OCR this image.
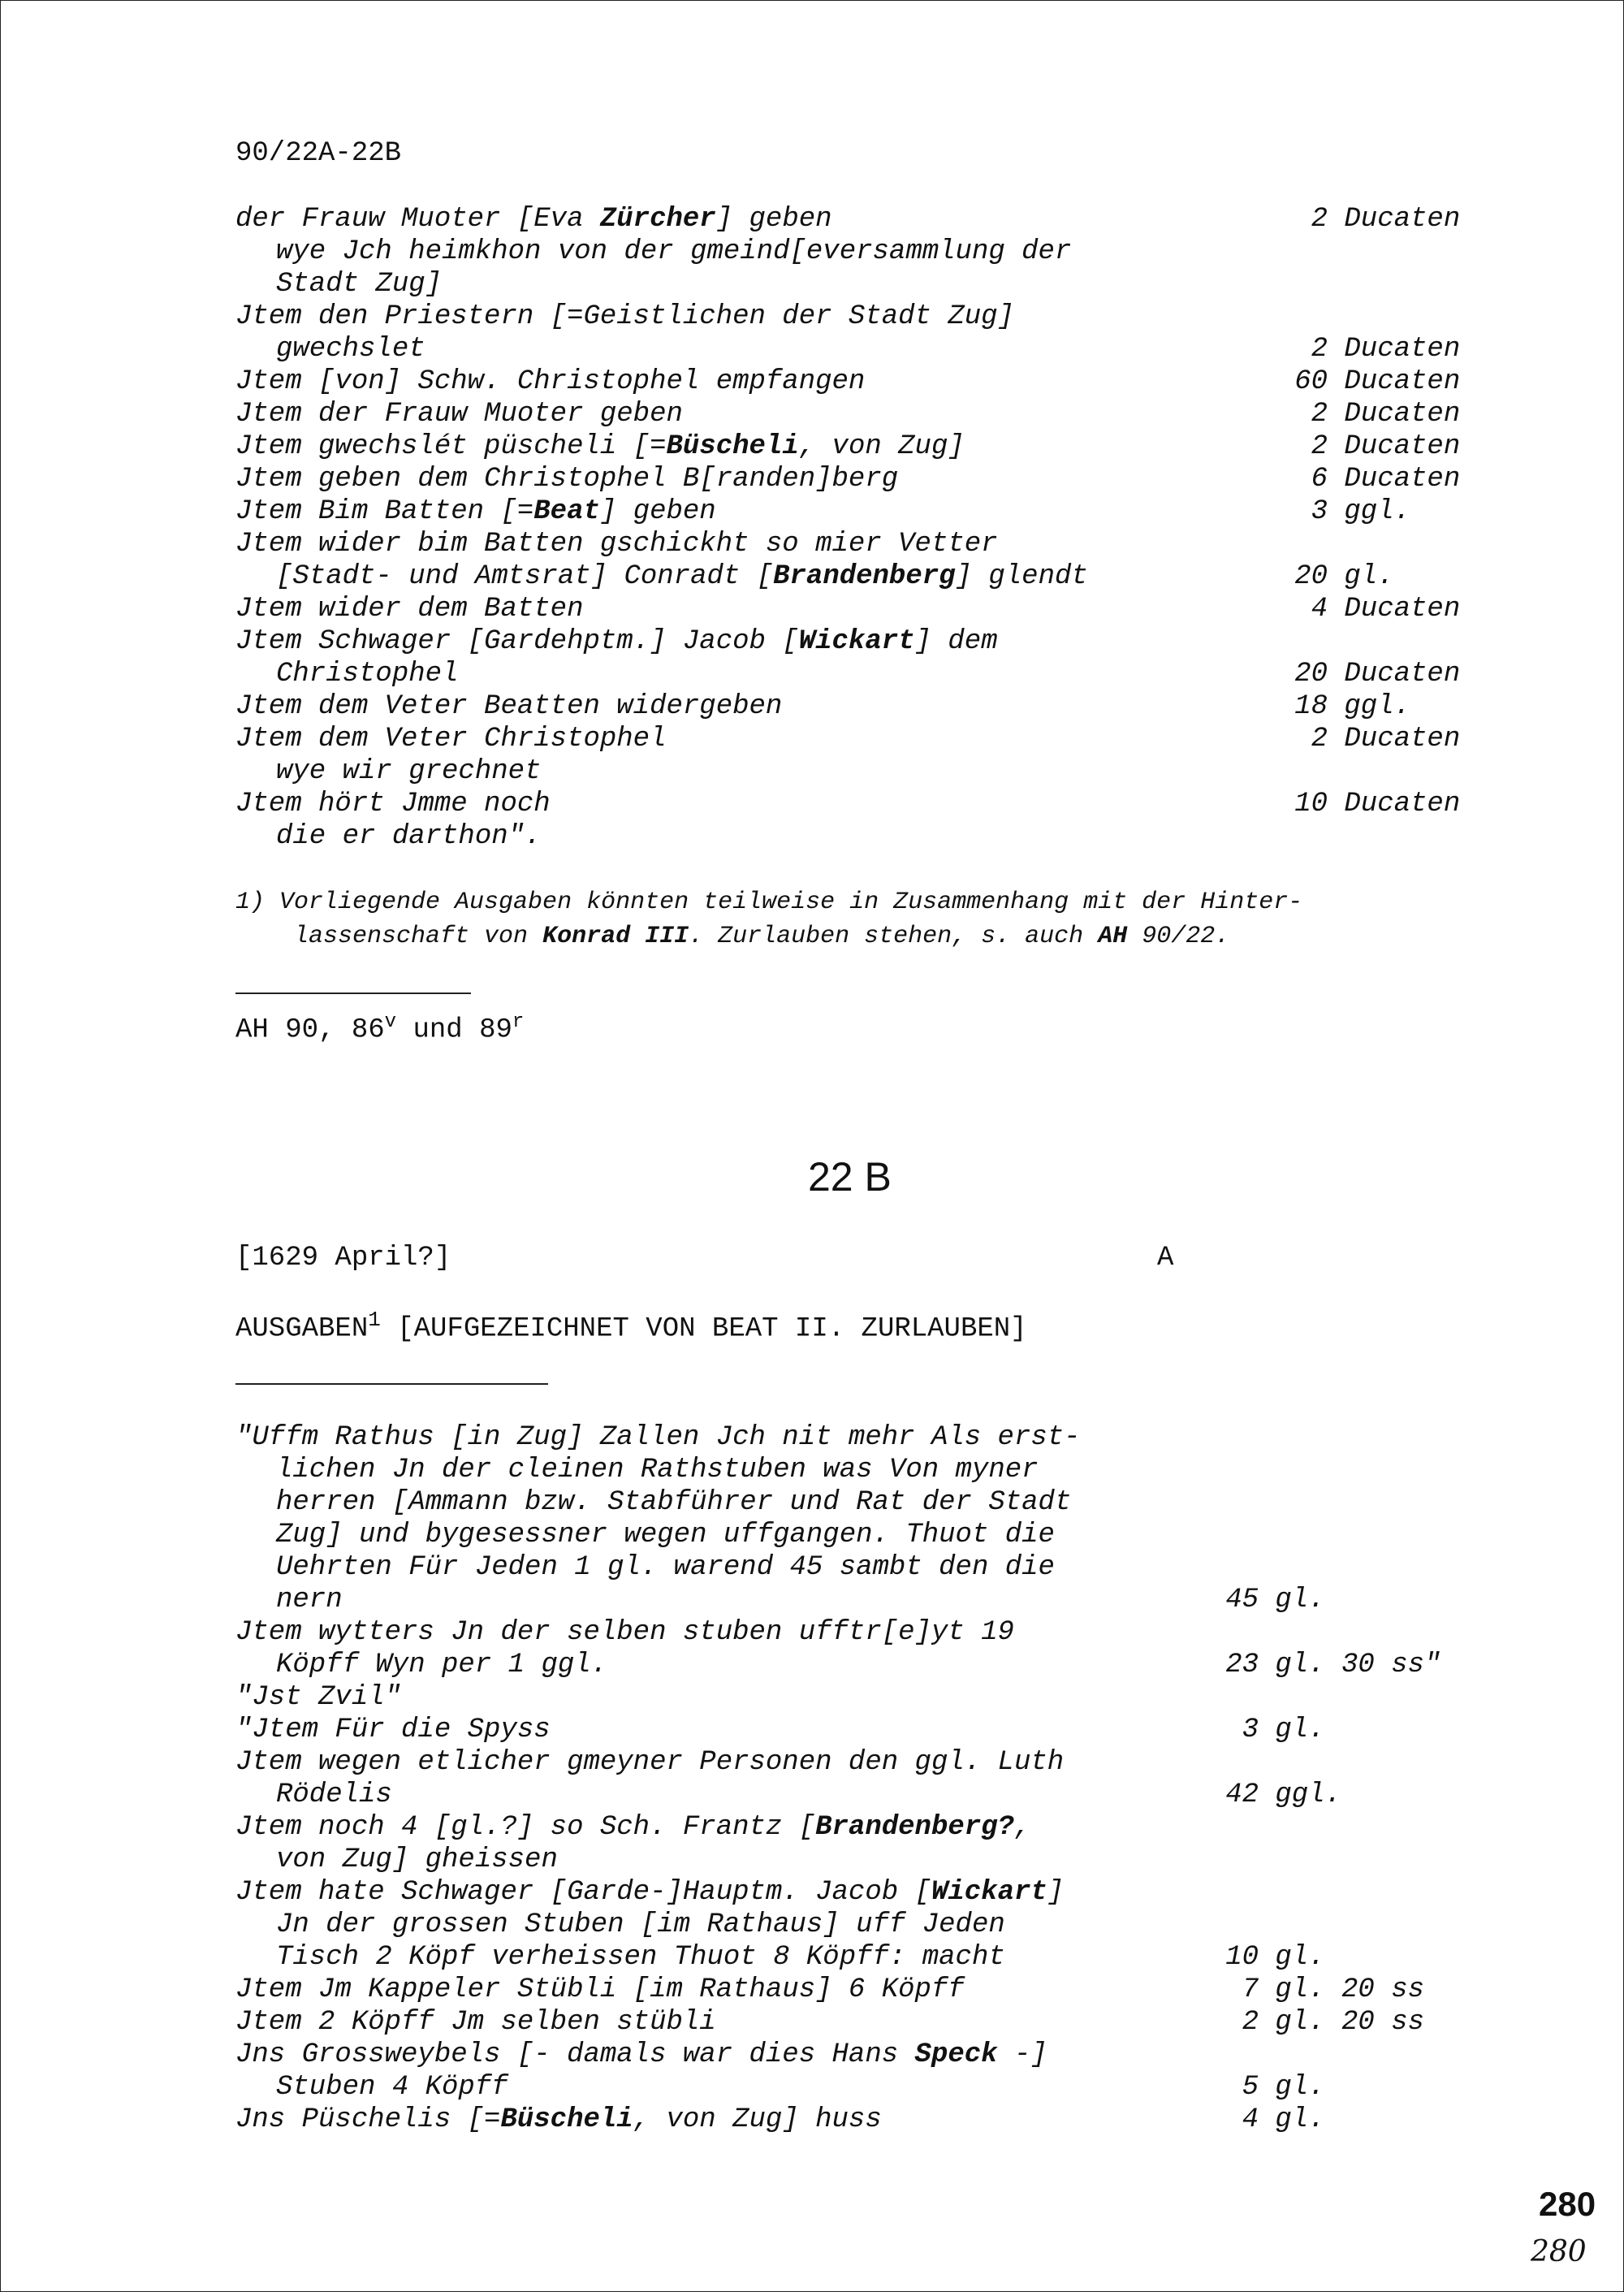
90/22A-22B
der Frauw Muoter [Eva Zürcher] geben	2 Ducaten
wye Jch heimkhon von der gmeind[eversammlung der
Stadt Zug]
Jtem den Priestern [=Geistlichen der Stadt Zug]
gwechslet	2 Ducaten
Jtem [von] Schw. Christophel empfangen	60 Ducaten
Jtem der Frauw Muoter geben	2 Ducaten
Jtem gwechslét püscheli [=Büscheli, von Zug]	2 Ducaten
Jtem geben dem Christophel B[randen]berg	6 Ducaten
Jtem Bim Batten [=Beat] geben	3 ggl.
Jtem wider bim Batten gschickht so mier Vetter
[Stadt- und Amtsrat] Conradt [Brandenberg] glendt	20 gl.
Jtem wider dem Batten	4 Ducaten
Jtem Schwager [Gardehptm.] Jacob [Wickart] dem
Christophel	20 Ducaten
Jtem dem Veter Beatten widergeben	18 ggl.
Jtem dem Veter Christophel	2 Ducaten
wye wir grechnet
Jtem hört Jmme noch	10 Ducaten
die er darthon".
1) Vorliegende Ausgaben könnten teilweise in Zusammenhang mit der Hinter-
lassenschaft von Konrad III. Zurlauben stehen, s. auch AH 90/22.
AH 90, 86$^v$ und 89$^r$
22 B
[1629 April?]	A
AUSGABEN$^1$ [AUFGEZEICHNET VON BEAT II. ZURLAUBEN]
"Uffm Rathus [in Zug] Zallen Jch nit mehr Als erst-
lichen Jn der cleinen Rathstuben was Von myner
herren [Ammann bzw. Stabführer und Rat der Stadt
Zug] und bygesessner wegen uffgangen. Thuot die
Uehrten Für Jeden 1 gl. warend 45 sambt den die
nern	45 gl.
Jtem wytters Jn der selben stuben ufftr[e]yt 19
Köpff Wyn per 1 ggl.	23 gl. 30 ss"
"Jst Zvil"
"Jtem Für die Spyss	3 gl.
Jtem wegen etlicher gmeyner Personen den ggl. Luth
Rödelis	42 ggl.
Jtem noch 4 [gl.?] so Sch. Frantz [Brandenberg?,
von Zug] gheissen
Jtem hate Schwager [Garde-]Hauptm. Jacob [Wickart]
Jn der grossen Stuben [im Rathaus] uff Jeden
Tisch 2 Köpf verheissen Thuot 8 Köpff: macht	10 gl.
Jtem Jm Kappeler Stübli [im Rathaus] 6 Köpff	7 gl. 20 ss
Jtem 2 Köpff Jm selben stübli	2 gl. 20 ss
Jns Grossweybels [- damals war dies Hans Speck -]
Stuben 4 Köpff	5 gl.
Jns Püschelis [=Büscheli, von Zug] huss	4 gl.
280
280
